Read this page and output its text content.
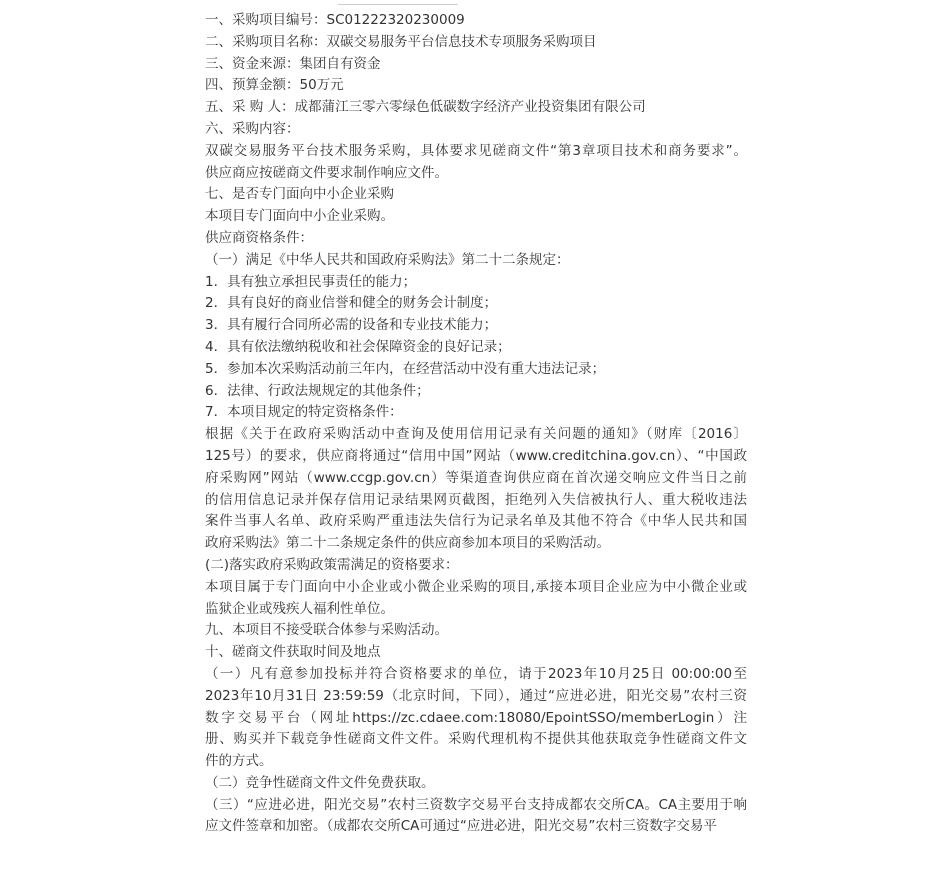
一、采购项目编号：SC01222320230009
二、采购项目名称：双碳交易服务平台信息技术专项服务采购项目
三、资金来源：集团自有资金
四、预算金额：50万元
五、采 购 人：成都蒲江三零六零绿色低碳数字经济产业投资集团有限公司
六、采购内容：
双碳交易服务平台技术服务采购，具体要求见磋商文件“第3章项目技术和商务要求”。
供应商应按磋商文件要求制作响应文件。
七、是否专门面向中小企业采购
本项目专门面向中小企业采购。
供应商资格条件：
（一）满足《中华人民共和国政府采购法》第二十二条规定：
1．具有独立承担民事责任的能力；
2．具有良好的商业信誉和健全的财务会计制度；
3．具有履行合同所必需的设备和专业技术能力；
4．具有依法缴纳税收和社会保障资金的良好记录；
5．参加本次采购活动前三年内，在经营活动中没有重大违法记录；
6．法律、行政法规规定的其他条件；
7．本项目规定的特定资格条件：
根据《关于在政府采购活动中查询及使用信用记录有关问题的通知》（财库〔2016〕
125号）的要求，供应商将通过“信用中国”网站（www.creditchina.gov.cn）、“中国政
府采购网”网站（www.ccgp.gov.cn）等渠道查询供应商在首次递交响应文件当日之前
的信用信息记录并保存信用记录结果网页截图，拒绝列入失信被执行人、重大税收违法
案件当事人名单、政府采购严重违法失信行为记录名单及其他不符合《中华人民共和国
政府采购法》第二十二条规定条件的供应商参加本项目的采购活动。
(二)落实政府采购政策需满足的资格要求：
本项目属于专门面向中小企业或小微企业采购的项目,承接本项目企业应为中小微企业或
监狱企业或残疾人福利性单位。
九、本项目不接受联合体参与采购活动。
十、磋商文件获取时间及地点
（一）凡有意参加投标并符合资格要求的单位，请于2023年10月25日 00:00:00至
2023年10月31日 23:59:59（北京时间，下同），通过“应进必进，阳光交易”农村三资
数字交易平台（网址https://zc.cdaee.com:18080/EpointSSO/memberLogin）注
册、购买并下载竞争性磋商文件文件。采购代理机构不提供其他获取竞争性磋商文件文
件的方式。
（二）竞争性磋商文件文件免费获取。
（三）“应进必进，阳光交易”农村三资数字交易平台支持成都农交所CA。CA主要用于响
应文件签章和加密。（成都农交所CA可通过“应进必进，阳光交易”农村三资数字交易平
